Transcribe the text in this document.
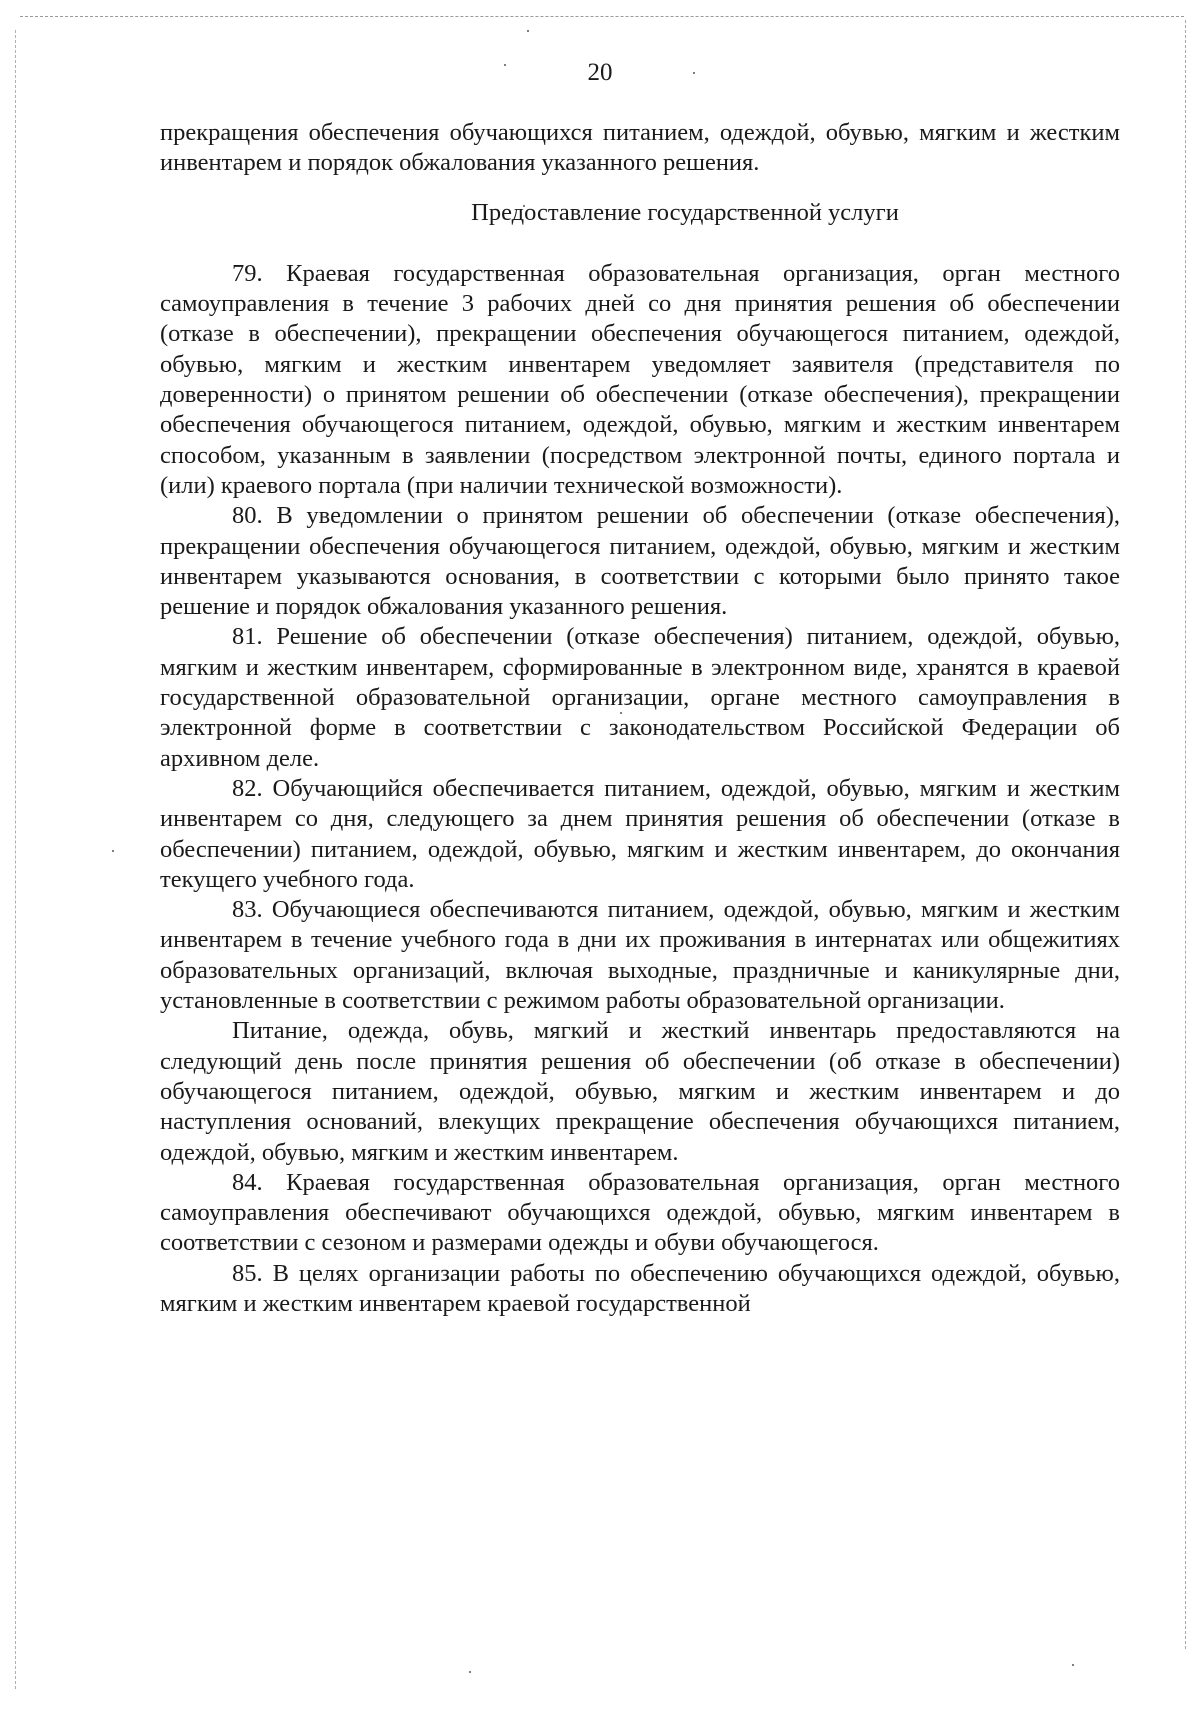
20

прекращения обеспечения обучающихся питанием, одеждой, обувью, мягким и жестким инвентарем и порядок обжалования указанного решения.

Предоставление государственной услуги

79. Краевая государственная образовательная организация, орган местного самоуправления в течение 3 рабочих дней со дня принятия решения об обеспечении (отказе в обеспечении), прекращении обеспечения обучающегося питанием, одеждой, обувью, мягким и жестким инвентарем уведомляет заявителя (представителя по доверенности) о принятом решении об обеспечении (отказе обеспечения), прекращении обеспечения обучающегося питанием, одеждой, обувью, мягким и жестким инвентарем способом, указанным в заявлении (посредством электронной почты, единого портала и (или) краевого портала (при наличии технической возможности).

80. В уведомлении о принятом решении об обеспечении (отказе обеспечения), прекращении обеспечения обучающегося питанием, одеждой, обувью, мягким и жестким инвентарем указываются основания, в соответствии с которыми было принято такое решение и порядок обжалования указанного решения.

81. Решение об обеспечении (отказе обеспечения) питанием, одеждой, обувью, мягким и жестким инвентарем, сформированные в электронном виде, хранятся в краевой государственной образовательной организации, органе местного самоуправления в электронной форме в соответствии с законодательством Российской Федерации об архивном деле.

82. Обучающийся обеспечивается питанием, одеждой, обувью, мягким и жестким инвентарем со дня, следующего за днем принятия решения об обеспечении (отказе в обеспечении) питанием, одеждой, обувью, мягким и жестким инвентарем, до окончания текущего учебного года.

83. Обучающиеся обеспечиваются питанием, одеждой, обувью, мягким и жестким инвентарем в течение учебного года в дни их проживания в интернатах или общежитиях образовательных организаций, включая выходные, праздничные и каникулярные дни, установленные в соответствии с режимом работы образовательной организации.

Питание, одежда, обувь, мягкий и жесткий инвентарь предоставляются на следующий день после принятия решения об обеспечении (об отказе в обеспечении) обучающегося питанием, одеждой, обувью, мягким и жестким инвентарем и до наступления оснований, влекущих прекращение обеспечения обучающихся питанием, одеждой, обувью, мягким и жестким инвентарем.

84. Краевая государственная образовательная организация, орган местного самоуправления обеспечивают обучающихся одеждой, обувью, мягким инвентарем в соответствии с сезоном и размерами одежды и обуви обучающегося.

85. В целях организации работы по обеспечению обучающихся одеждой, обувью, мягким и жестким инвентарем краевой государственной
